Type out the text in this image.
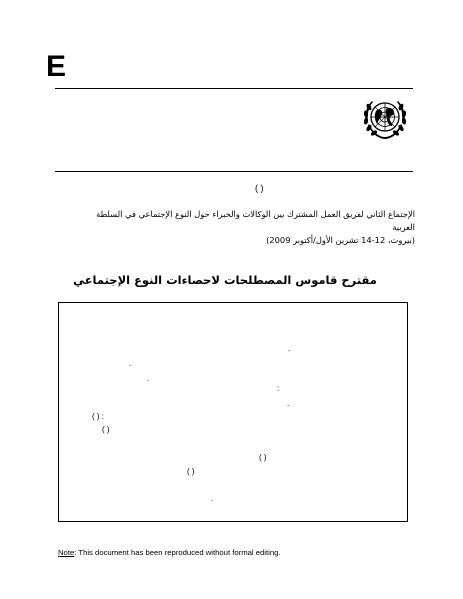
E
( )
الإجتماع الثاني لفريق العمل المشترك بين الوكالات والخبراء حول النوع الإجتماعي في السلطة العربية
(بيروت، 12-14 تشرين الأول/أكتوبر 2009)
مقترح قاموس المصطلحات لاحصاءات النوع الإجتماعي
.
.
.
:
.
( ) :
( )
( )
( )
.
Note: This document has been reproduced without formal editing.
